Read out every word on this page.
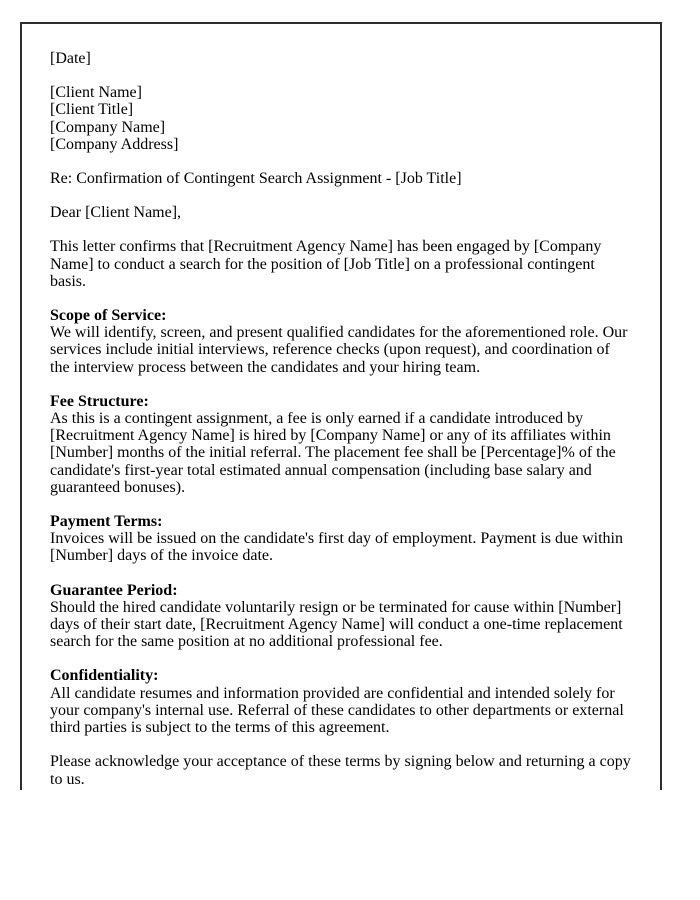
[Date]

[Client Name]

[Client Title]

[Company Name]

[Company Address]

Re: Confirmation of Contingent Search Assignment - [Job Title]

Dear [Client Name],

This letter confirms that [Recruitment Agency Name] has been engaged by [Company Name] to conduct a search for the position of [Job Title] on a professional contingent basis.

Scope of Service:

We will identify, screen, and present qualified candidates for the aforementioned role. Our services include initial interviews, reference checks (upon request), and coordination of the interview process between the candidates and your hiring team.

Fee Structure:

As this is a contingent assignment, a fee is only earned if a candidate introduced by [Recruitment Agency Name] is hired by [Company Name] or any of its affiliates within [Number] months of the initial referral. The placement fee shall be [Percentage]% of the candidate's first-year total estimated annual compensation (including base salary and guaranteed bonuses).

Payment Terms:

Invoices will be issued on the candidate's first day of employment. Payment is due within [Number] days of the invoice date.

Guarantee Period:

Should the hired candidate voluntarily resign or be terminated for cause within [Number] days of their start date, [Recruitment Agency Name] will conduct a one-time replacement search for the same position at no additional professional fee.

Confidentiality:

All candidate resumes and information provided are confidential and intended solely for your company's internal use. Referral of these candidates to other departments or external third parties is subject to the terms of this agreement.

Please acknowledge your acceptance of these terms by signing below and returning a copy to us.
